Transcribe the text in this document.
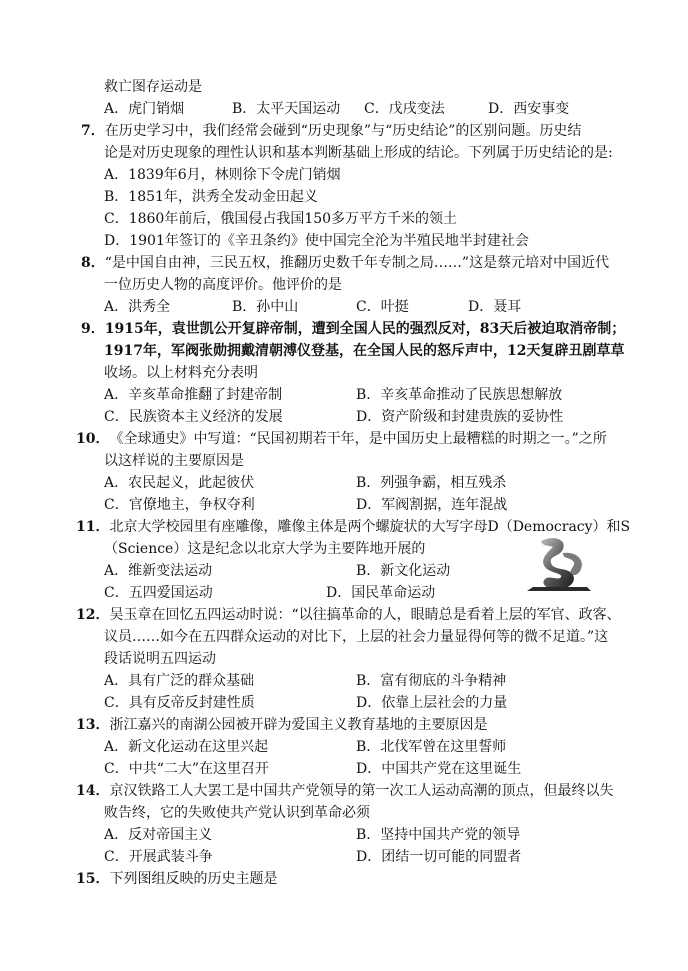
救亡图存运动是
A．虎门销烟	B．太平天国运动 C．戊戌变法	D．西安事变
7．在历史学习中，我们经常会碰到“历史现象”与“历史结论”的区别问题。历史结
论是对历史现象的理性认识和基本判断基础上形成的结论。下列属于历史结论的是:
A．1839年6月，林则徐下令虎门销烟
B．1851年，洪秀全发动金田起义
C．1860年前后，俄国侵占我国150多万平方千米的领土
D．1901年签订的《辛丑条约》使中国完全沦为半殖民地半封建社会
8．“是中国自由神，三民五权，推翻历史数千年专制之局……”这是蔡元培对中国近代
一位历史人物的高度评价。他评价的是
A．洪秀全	B．孙中山	C．叶挺	D．聂耳
9．1915年，袁世凯公开复辟帝制，遭到全国人民的强烈反对，83天后被迫取消帝制；
1917年，军阀张勋拥戴清朝溥仪登基，在全国人民的怒斥声中，12天复辟丑剧草草
收场。以上材料充分表明
A．辛亥革命推翻了封建帝制	B．辛亥革命推动了民族思想解放
C．民族资本主义经济的发展	D．资产阶级和封建贵族的妥协性
10．《全球通史》中写道：“民国初期若干年，是中国历史上最糟糕的时期之一。”之所
以这样说的主要原因是
A．农民起义，此起彼伏	B．列强争霸，相互残杀
C．官僚地主，争权夺利	D．军阀割据，连年混战
11．北京大学校园里有座雕像，雕像主体是两个螺旋状的大写字母D（Democracy）和S
（Science）这是纪念以北京大学为主要阵地开展的
A．维新变法运动	B．新文化运动
C．五四爱国运动	D．国民革命运动
12．吴玉章在回忆五四运动时说：“以往搞革命的人，眼睛总是看着上层的军官、政客、
议员……如今在五四群众运动的对比下，上层的社会力量显得何等的微不足道。”这
段话说明五四运动
A．具有广泛的群众基础	B．富有彻底的斗争精神
C．具有反帝反封建性质	D．依靠上层社会的力量
13．浙江嘉兴的南湖公园被开辟为爱国主义教育基地的主要原因是
A．新文化运动在这里兴起	B．北伐军曾在这里誓师
C．中共“二大”在这里召开	D．中国共产党在这里诞生
14．京汉铁路工人大罢工是中国共产党领导的第一次工人运动高潮的顶点，但最终以失
败告终，它的失败使共产党认识到革命必须
A．反对帝国主义	B．坚持中国共产党的领导
C．开展武装斗争	D．团结一切可能的同盟者
15．下列图组反映的历史主题是
